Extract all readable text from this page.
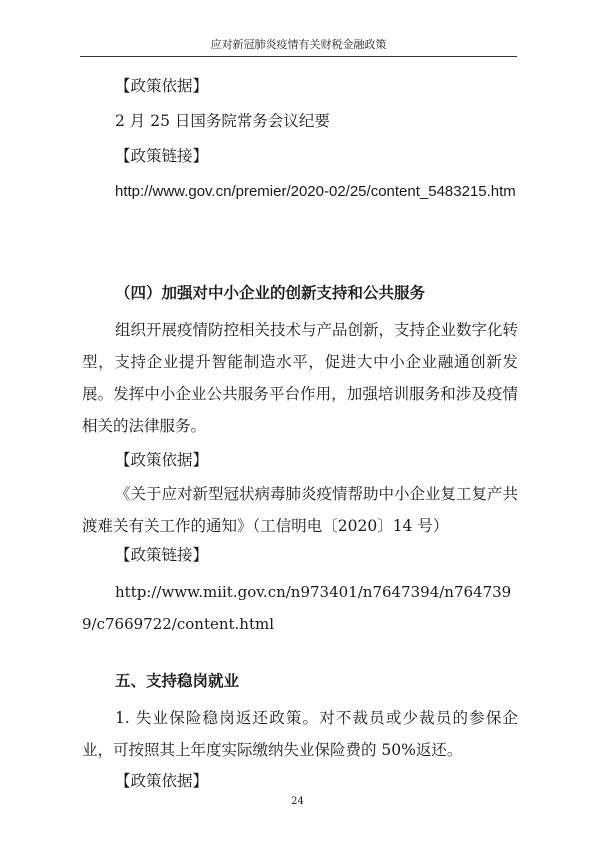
应对新冠肺炎疫情有关财税金融政策
【政策依据】
2 月 25 日国务院常务会议纪要
【政策链接】

http://www.gov.cn/premier/2020-02/25/content_5483215.htm

（四）加强对中小企业的创新支持和公共服务

组织开展疫情防控相关技术与产品创新，支持企业数字化转型，支持企业提升智能制造水平，促进大中小企业融通创新发展。发挥中小企业公共服务平台作用，加强培训服务和涉及疫情相关的法律服务。

【政策依据】

《关于应对新型冠状病毒肺炎疫情帮助中小企业复工复产共渡难关有关工作的通知》（工信明电〔2020〕14 号）

【政策链接】

http://www.miit.gov.cn/n973401/n7647394/n7647399/c7669722/content.html

五、支持稳岗就业

1. 失业保险稳岗返还政策。对不裁员或少裁员的参保企业，可按照其上年度实际缴纳失业保险费的 50%返还。

【政策依据】
24
